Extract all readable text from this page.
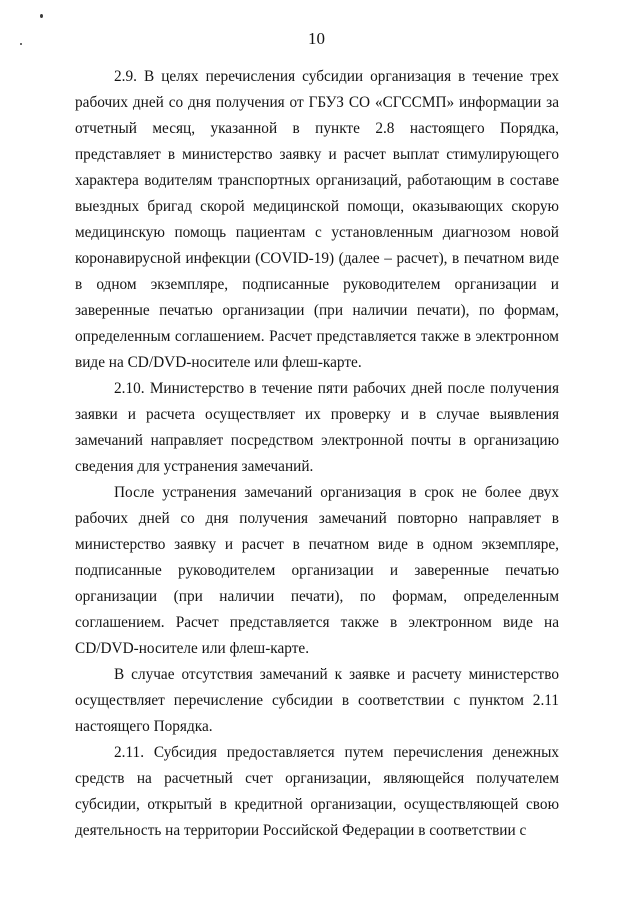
10

2.9. В целях перечисления субсидии организация в течение трех рабочих дней со дня получения от ГБУЗ СО «СГССМП» информации за отчетный месяц, указанной в пункте 2.8 настоящего Порядка, представляет в министерство заявку и расчет выплат стимулирующего характера водителям транспортных организаций, работающим в составе выездных бригад скорой медицинской помощи, оказывающих скорую медицинскую помощь пациентам с установленным диагнозом новой коронавирусной инфекции (COVID-19) (далее – расчет), в печатном виде в одном экземпляре, подписанные руководителем организации и заверенные печатью организации (при наличии печати), по формам, определенным соглашением. Расчет представляется также в электронном виде на CD/DVD-носителе или флеш-карте.

2.10. Министерство в течение пяти рабочих дней после получения заявки и расчета осуществляет их проверку и в случае выявления замечаний направляет посредством электронной почты в организацию сведения для устранения замечаний.

После устранения замечаний организация в срок не более двух рабочих дней со дня получения замечаний повторно направляет в министерство заявку и расчет в печатном виде в одном экземпляре, подписанные руководителем организации и заверенные печатью организации (при наличии печати), по формам, определенным соглашением. Расчет представляется также в электронном виде на CD/DVD-носителе или флеш-карте.

В случае отсутствия замечаний к заявке и расчету министерство осуществляет перечисление субсидии в соответствии с пунктом 2.11 настоящего Порядка.

2.11. Субсидия предоставляется путем перечисления денежных средств на расчетный счет организации, являющейся получателем субсидии, открытый в кредитной организации, осуществляющей свою деятельность на территории Российской Федерации в соответствии с
